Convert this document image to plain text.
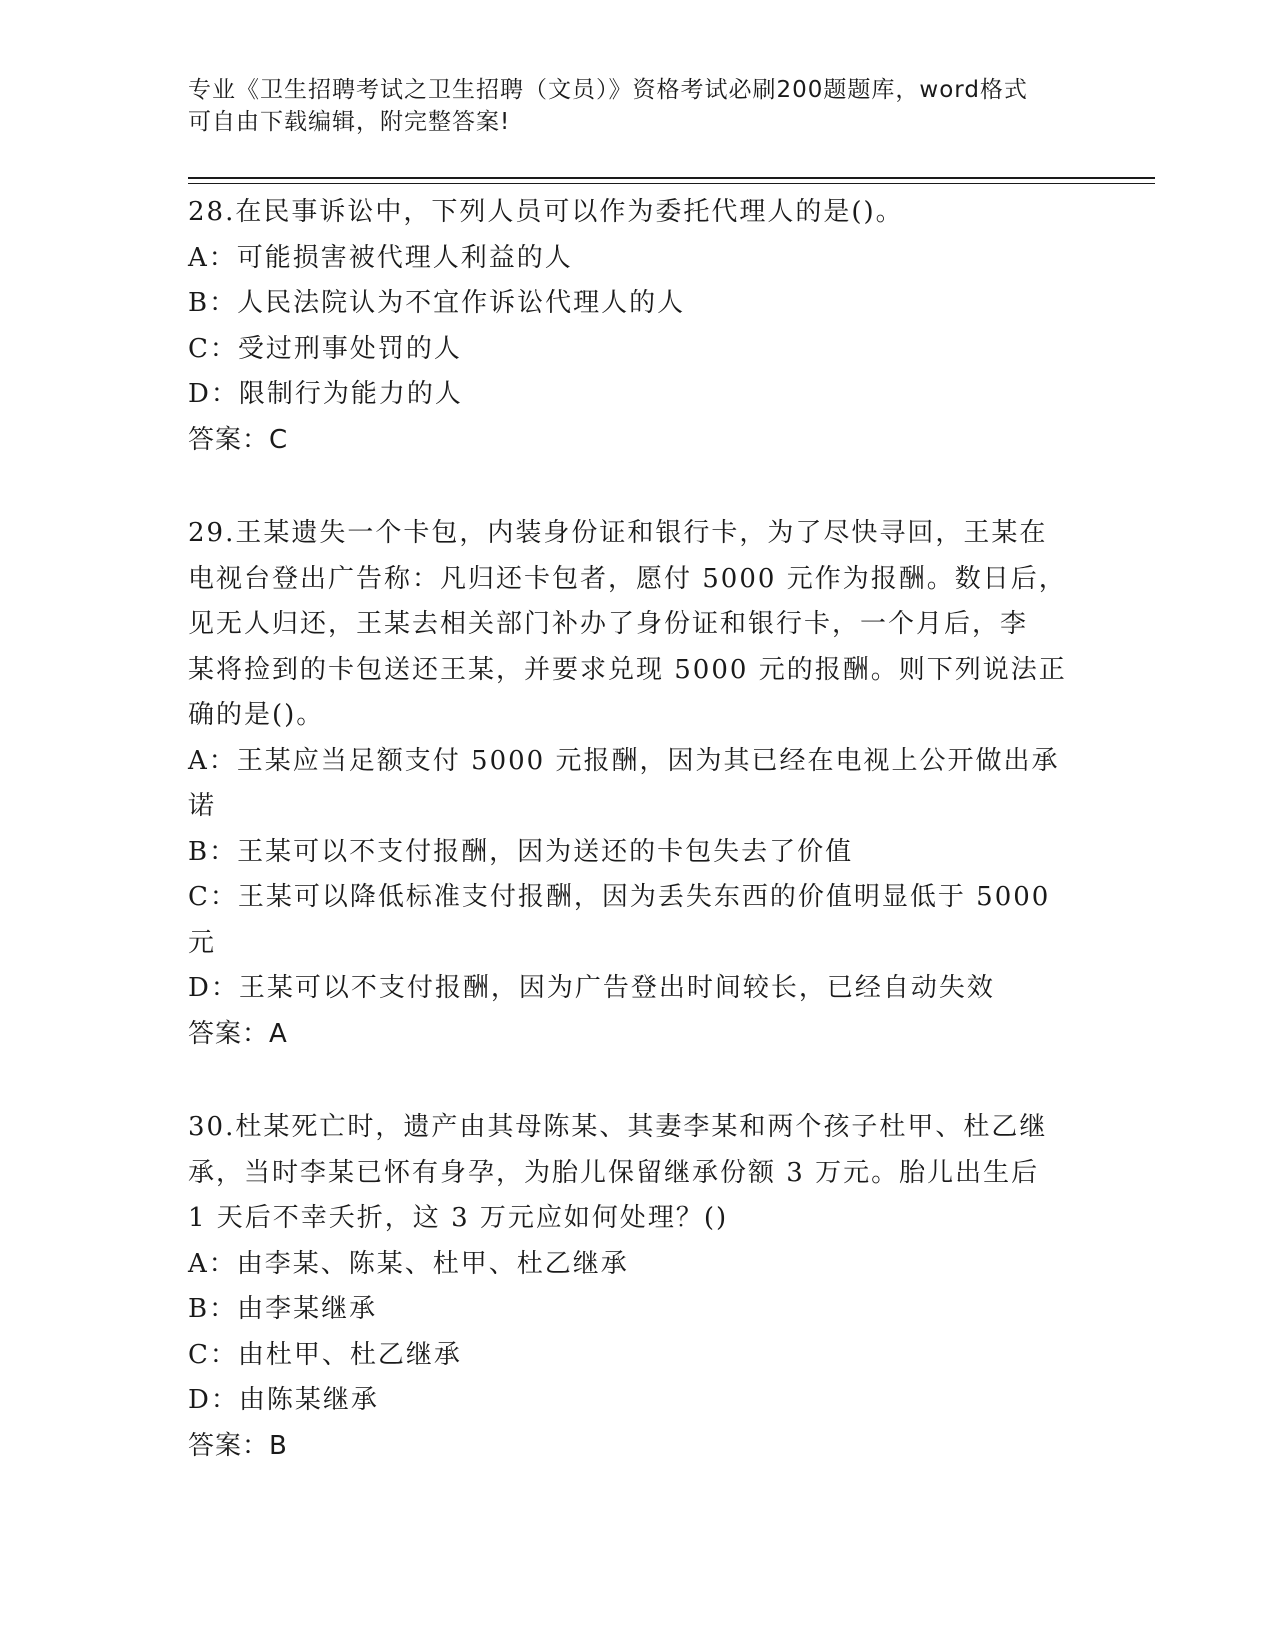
专业《卫生招聘考试之卫生招聘（文员）》资格考试必刷200题题库，word格式
可自由下载编辑，附完整答案!
28.在民事诉讼中，下列人员可以作为委托代理人的是()。
A：可能损害被代理人利益的人
B：人民法院认为不宜作诉讼代理人的人
C：受过刑事处罚的人
D：限制行为能力的人
答案：C
29.王某遗失一个卡包，内装身份证和银行卡，为了尽快寻回，王某在
电视台登出广告称：凡归还卡包者，愿付 5000 元作为报酬。数日后，
见无人归还，王某去相关部门补办了身份证和银行卡，一个月后，李
某将捡到的卡包送还王某，并要求兑现 5000 元的报酬。则下列说法正
确的是()。
A：王某应当足额支付 5000 元报酬，因为其已经在电视上公开做出承
诺
B：王某可以不支付报酬，因为送还的卡包失去了价值
C：王某可以降低标准支付报酬，因为丢失东西的价值明显低于 5000
元
D：王某可以不支付报酬，因为广告登出时间较长，已经自动失效
答案：A
30.杜某死亡时，遗产由其母陈某、其妻李某和两个孩子杜甲、杜乙继
承，当时李某已怀有身孕，为胎儿保留继承份额 3 万元。胎儿出生后
1 天后不幸夭折，这 3 万元应如何处理？()
A：由李某、陈某、杜甲、杜乙继承
B：由李某继承
C：由杜甲、杜乙继承
D：由陈某继承
答案：B
